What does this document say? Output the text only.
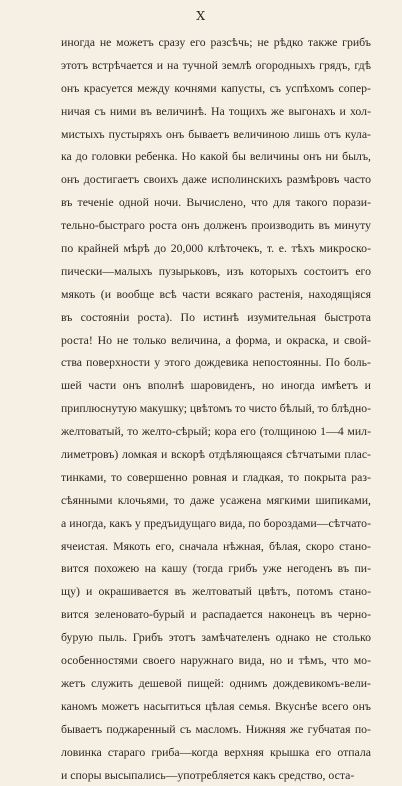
X
иногда не можетъ сразу его разсѣчь; не рѣдко также грибъ
этотъ встрѣчается и на тучной землѣ огородныхъ грядъ, гдѣ
онъ красуется между кочнями капусты, съ успѣхомъ сопер-
ничая съ ними въ величинѣ. На тощихъ же выгонахъ и хол-
мистыхъ пустыряхъ онъ бываетъ величиною лишь отъ кула-
ка до головки ребенка. Но какой бы величины онъ ни былъ,
онъ достигаетъ своихъ даже исполинскихъ размѣровъ часто
въ теченіе одной ночи. Вычислено, что для такого порази-
тельно-быстраго роста онъ долженъ производить въ минуту
по крайней мѣрѣ до 20,000 клѣточекъ, т. е. тѣхъ микроско-
пически—малыхъ пузырьковъ, изъ которыхъ состоитъ его
мякоть (и вообще всѣ части всякаго растенія, находящіяся
въ состояніи роста). По истинѣ изумительная быстрота
роста! Но не только величина, а форма, и окраска, и свой-
ства поверхности у этого дождевика непостоянны. По боль-
шей части онъ вполнѣ шаровиденъ, но иногда имѣетъ и
приплюснутую макушку; цвѣтомъ то чисто бѣлый, то блѣдно-
желтоватый, то желто-сѣрый; кора его (толщиною 1—4 мил-
лиметровъ) ломкая и вскорѣ отдѣляющаяся сѣтчатыми плас-
тинками, то совершенно ровная и гладкая, то покрыта раз-
сѣянными клочьями, то даже усажена мягкими шипиками,
а иногда, какъ у предъидущаго вида, по бороздами—сѣтчато-
ячеистая. Мякоть его, сначала нѣжная, бѣлая, скоро стано-
вится похожею на кашу (тогда грибъ уже негоденъ въ пи-
щу) и окрашивается въ желтоватый цвѣтъ, потомъ стано-
вится зеленовато-бурый и распадается наконецъ въ черно-
бурую пыль. Грибъ этотъ замѣчателенъ однако не столько
особенностями своего наружнаго вида, но и тѣмъ, что мо-
жетъ служить дешевой пищей: однимъ дождевикомъ-вели-
каномъ можетъ насытиться цѣлая семья. Вкуснѣе всего онъ
бываетъ поджаренный съ масломъ. Нижняя же губчатая по-
ловинка стараго гриба—когда верхняя крышка его отпала
и споры высыпались—употребляется какъ средство, оста-
